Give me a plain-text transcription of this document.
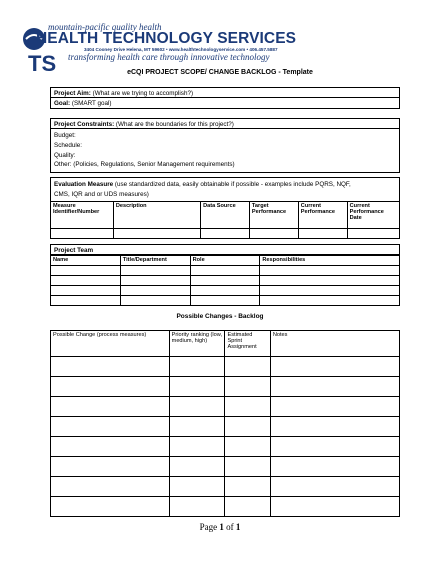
TS
mountain-pacific quality health
HEALTH TECHNOLOGY SERVICES
3404 Cooney Drive Helena, MT 59602 • www.healthtechnologyservice.com • 406.457.5887
transforming health care through innovative technology
eCQI PROJECT SCOPE/ CHANGE BACKLOG - Template
Project Aim: (What are we trying to accomplish?)
Goal: (SMART goal)
Project Constraints: (What are the boundaries for this project?)
Budget:
Schedule:
Quality:
Other: (Policies, Regulations, Senior Management requirements)
Evaluation Measure (use standardized data, easily obtainable if possible - examples include PQRS, NQF,
CMS, IQR and or UDS measures)
Measure Identifier/Number	Description	Data Source	Target Performance	Current Performance	Current Performance Date

Project Team
Name	Title/Department	Role	Responsibilities

Possible Changes - Backlog
Possible Change (process measures)	Priority ranking (low, medium, high)	Estimated Sprint Assignment	Notes

Page 1 of 1
